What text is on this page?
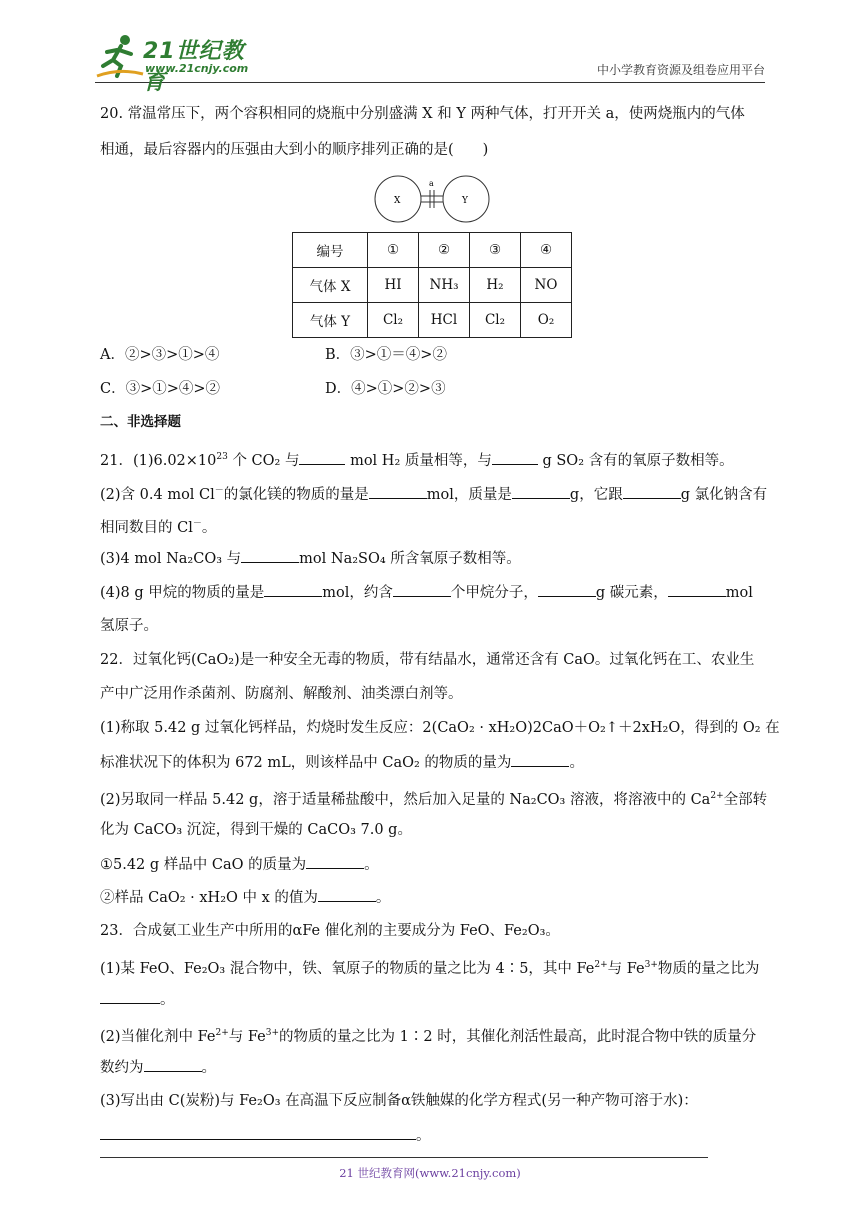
21世纪教育
www.21cnjy.com	中小学教育资源及组卷应用平台
20. 常温常压下，两个容积相同的烧瓶中分别盛满 X 和 Y 两种气体，打开开关 a，使两烧瓶内的气体
相通，最后容器内的压强由大到小的顺序排列正确的是(　　)
X	Y
a
编号	①	②	③	④
气体 X	HI	NH₃	H₂	NO
气体 Y	Cl₂	HCl	Cl₂	O₂
A．②>③>①>④	B．③>①＝④>②
C．③>①>④>②	D．④>①>②>③
二、非选择题
21．$(1)6.02\times 10^{23}$ 个 CO₂ 与	mol H₂ 质量相等，与	g SO₂ 含有的氧原子数相等。
(2)含 0.4 mol Cl－的氯化镁的物质的量是	mol，质量是	g，它跟	g 氯化钠含有
相同数目的 Cl－。
(3)4 mol Na₂CO₃ 与	mol Na₂SO₄ 所含氧原子数相等。
(4)8 g 甲烷的物质的量是	mol，约含	个甲烷分子，	g 碳元素，	mol
氢原子。
22．过氧化钙(CaO₂)是一种安全无毒的物质，带有结晶水，通常还含有 CaO。过氧化钙在工、农业生
产中广泛用作杀菌剂、防腐剂、解酸剂、油类漂白剂等。
(1)称取 5.42 g 过氧化钙样品，灼烧时发生反应：2(CaO₂ · xH₂O)2CaO＋O₂↑＋2xH₂O，得到的 O₂ 在
标准状况下的体积为 672 mL，则该样品中 CaO₂ 的物质的量为	。
(2)另取同一样品 5.42 g，溶于适量稀盐酸中，然后加入足量的 Na₂CO₃ 溶液，将溶液中的 $Ca^{2+}$全部转
化为 CaCO₃ 沉淀，得到干燥的 CaCO₃ 7.0 g。
①5.42 g 样品中 CaO 的质量为	。
②样品 CaO₂ · xH₂O 中 x 的值为	。
23．合成氨工业生产中所用的αFe 催化剂的主要成分为 FeO、Fe₂O₃。
(1)某 FeO、Fe₂O₃ 混合物中，铁、氧原子的物质的量之比为 4∶5，其中 $Fe^{2+}$与 $Fe^{3+}$物质的量之比为
。
(2)当催化剂中 $Fe^{2+}$与 $Fe^{3+}$的物质的量之比为 1∶2 时，其催化剂活性最高，此时混合物中铁的质量分
数约为	。
(3)写出由 C(炭粉)与 Fe₂O₃ 在高温下反应制备α铁触媒的化学方程式(另一种产物可溶于水)：
。
21 世纪教育网(www.21cnjy.com)
